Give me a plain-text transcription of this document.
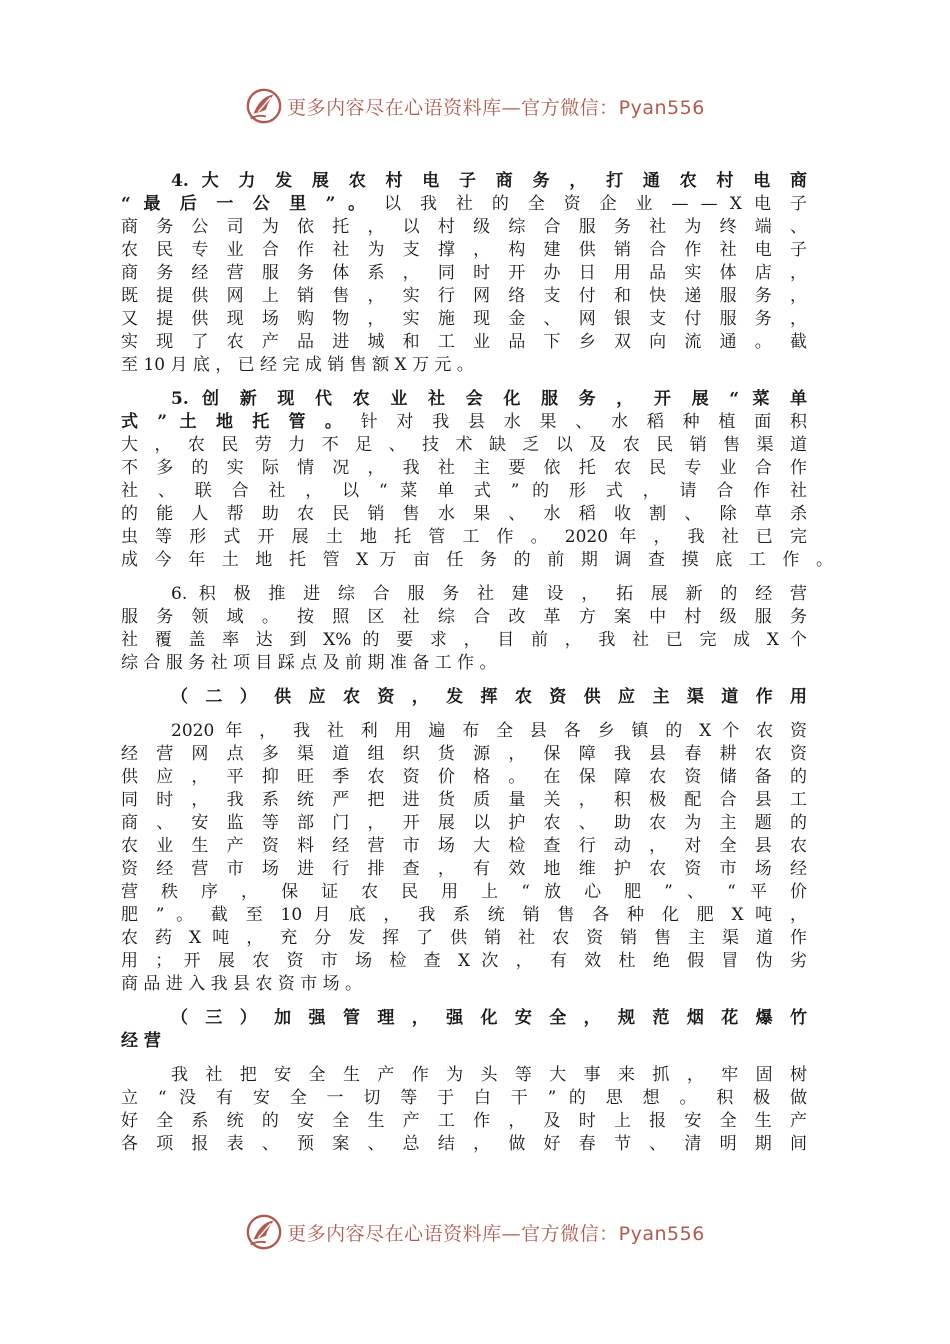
更多内容尽在心语资料库—官方微信：Pyan556
4. 大 力 发 展 农 村 电 子 商 务 ， 打 通 农 村 电 商
“ 最 后 一 公 里 ” 。 以 我 社 的 全 资 企 业 — — X 电 子
商 务 公 司 为 依 托 ， 以 村 级 综 合 服 务 社 为 终 端 、
农 民 专 业 合 作 社 为 支 撑 ， 构 建 供 销 合 作 社 电 子
商 务 经 营 服 务 体 系 ， 同 时 开 办 日 用 品 实 体 店 ，
既 提 供 网 上 销 售 ， 实 行 网 络 支 付 和 快 递 服 务 ，
又 提 供 现 场 购 物 ， 实 施 现 金 、 网 银 支 付 服 务 ，
实 现 了 农 产 品 进 城 和 工 业 品 下 乡 双 向 流 通 。 截
至 10 月 底 ， 已 经 完 成 销 售 额 X 万 元 。
5. 创 新 现 代 农 业 社 会 化 服 务 ， 开 展 “ 菜 单
式 ” 土 地 托 管 。 针 对 我 县 水 果 、 水 稻 种 植 面 积
大 ， 农 民 劳 力 不 足 、 技 术 缺 乏 以 及 农 民 销 售 渠 道
不 多 的 实 际 情 况 ， 我 社 主 要 依 托 农 民 专 业 合 作
社 、 联 合 社 ， 以 “ 菜 单 式 ” 的 形 式 ， 请 合 作 社
的 能 人 帮 助 农 民 销 售 水 果 、 水 稻 收 割 、 除 草 杀
虫 等 形 式 开 展 土 地 托 管 工 作 。 2020 年 ， 我 社 已 完
成 今 年 土 地 托 管 X 万 亩 任 务 的 前 期 调 查 摸 底 工 作 。
6. 积 极 推 进 综 合 服 务 社 建 设 ， 拓 展 新 的 经 营
服 务 领 域 。 按 照 区 社 综 合 改 革 方 案 中 村 级 服 务
社 覆 盖 率 达 到 X% 的 要 求 ， 目 前 ， 我 社 已 完 成 X 个
综 合 服 务 社 项 目 踩 点 及 前 期 准 备 工 作 。
（ 二 ） 供 应 农 资 ， 发 挥 农 资 供 应 主 渠 道 作 用
2020 年 ， 我 社 利 用 遍 布 全 县 各 乡 镇 的 X 个 农 资
经 营 网 点 多 渠 道 组 织 货 源 ， 保 障 我 县 春 耕 农 资
供 应 ， 平 抑 旺 季 农 资 价 格 。 在 保 障 农 资 储 备 的
同 时 ， 我 系 统 严 把 进 货 质 量 关 ， 积 极 配 合 县 工
商 、 安 监 等 部 门 ， 开 展 以 护 农 、 助 农 为 主 题 的
农 业 生 产 资 料 经 营 市 场 大 检 查 行 动 ， 对 全 县 农
资 经 营 市 场 进 行 排 查 ， 有 效 地 维 护 农 资 市 场 经
营 秩 序 ， 保 证 农 民 用 上 “ 放 心 肥 ” 、 “ 平 价
肥 ” 。 截 至 10 月 底 ， 我 系 统 销 售 各 种 化 肥 X 吨 ，
农 药 X 吨 ， 充 分 发 挥 了 供 销 社 农 资 销 售 主 渠 道 作
用 ； 开 展 农 资 市 场 检 查 X 次 ， 有 效 杜 绝 假 冒 伪 劣
商 品 进 入 我 县 农 资 市 场 。
（ 三 ） 加 强 管 理 ， 强 化 安 全 ， 规 范 烟 花 爆 竹
经 营
我 社 把 安 全 生 产 作 为 头 等 大 事 来 抓 ， 牢 固 树
立 “ 没 有 安 全 一 切 等 于 白 干 ” 的 思 想 。 积 极 做
好 全 系 统 的 安 全 生 产 工 作 ， 及 时 上 报 安 全 生 产
各 项 报 表 、 预 案 、 总 结 ， 做 好 春 节 、 清 明 期 间
更多内容尽在心语资料库—官方微信：Pyan556
